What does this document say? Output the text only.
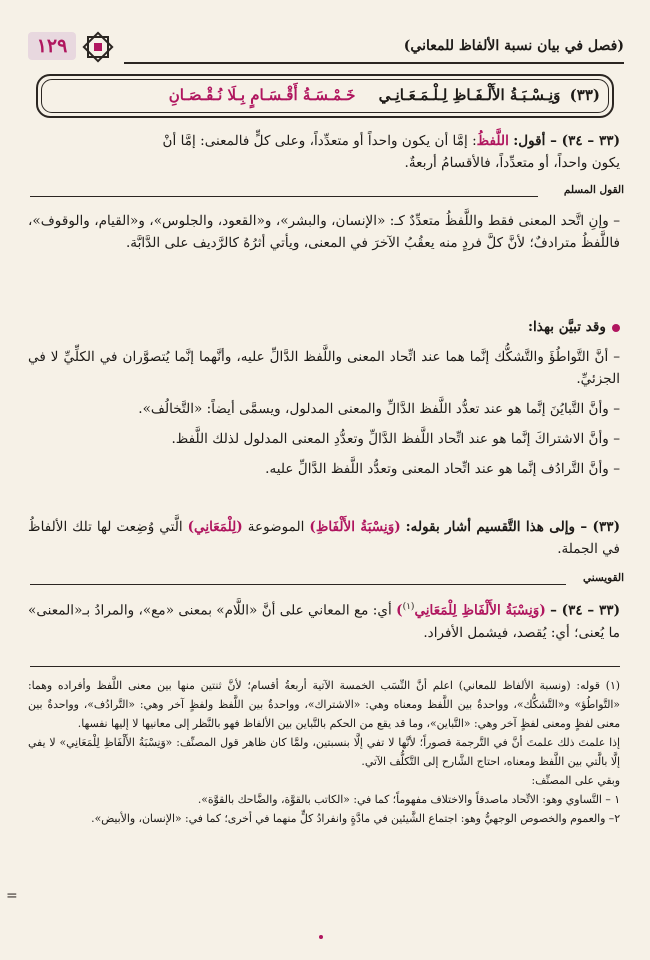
(فصل في بيان نسبة الألفاظ للمعاني)
١٢٩
(٣٣) وَنِـسْـبَـةُ الأَلْـفَـاظِ لِـلْـمَـعَـانِـي خَـمْـسَـةُ أَقْـسَـامٍ بِـلَا نُـقْـصَـانِ

(٣٣ – ٣٤) – أقول: اللَّفظُ: إمَّا أن يكون واحداً أو متعدِّداً، وعلى كلٍّ فالمعنى: إمَّا أنْ

يكون واحداً، أو متعدِّداً، فالأقسامُ أربعةٌ.

القول المسلم

– وإنِ اتَّحد المعنى فقط واللَّفظُ متعدِّدٌ كـ: «الإنسان، والبشر»، و«القعود، والجلوس»، و«القيام، والوقوف»، فاللَّفظُ مترادفٌ؛ لأنَّ كلَّ فردٍ منه يعقُبُ الآخرَ في المعنى، ويأتي أثرُهُ كالرَّديف على الدَّابَّة.

وقد تبيَّن بهذا:

– أنَّ التَّواطُؤَ والتَّشكُّك إنَّما هما عند اتِّحاد المعنى واللَّفظ الدَّالِّ عليه، وأنَّهما إنَّما يُتصوَّران في الكلِّيِّ لا في الجزئيِّ.

– وأنَّ التَّبايُنَ إنَّما هو عند تعدُّد اللَّفظ الدَّالِّ والمعنى المدلول، ويسمَّى أيضاً: «التَّخالُف».

– وأنَّ الاشتراكَ إنَّما هو عند اتِّحاد اللَّفظ الدَّالِّ وتعدُّدِ المعنى المدلول لذلك اللَّفظ.

– وأنَّ التَّرادُف إنَّما هو عند اتِّحاد المعنى وتعدُّد اللَّفظ الدَّالِّ عليه.

(٣٣) – وإلى هذا التَّقسيم أشار بقوله: (وَنِسْبَةُ الأَلْفَاظِ) الموضوعة (لِلْمَعَانِي) الَّتي وُضِعت لها تلك الألفاظُ في الجملة.

القويسني

(٣٣ – ٣٤) – (وَنِسْبَةُ الأَلْفَاظِ لِلْمَعَانِي$^{(١)}$) أي: مع المعاني على أنَّ «اللَّام» بمعنى «مع»، والمرادُ بـ«المعنى» ما يُعنى؛ أي: يُقصد، فيشمل الأفراد.

(١) قوله: (ونسبة الألفاظ للمعاني) اعلم أنَّ النِّسَب الخمسة الآتية أربعةُ أقسام؛ لأنَّ ثنتين منها بين معنى اللَّفظ وأفراده وهما: «التَّواطُؤ» و«التَّشكُّك»، وواحدةٌ بين اللَّفظ ومعناه وهي: «الاشتراك»، وواحدةٌ بين اللَّفظ ولفظٍ آخر وهي: «التَّرادُف»، وواحدةٌ بين معنى لفظٍ ومعنى لفظٍ آخر وهي: «التَّباين»، وما قد يقع من الحكم بالتَّباين بين الألفاظ فهو بالنَّظر إلى معانيها لا إليها نفسها.

إذا علمتَ ذلك علمتَ أنَّ في التَّرجمة قصوراً؛ لأنَّها لا تفي إلَّا بنسبتين، ولمَّا كان ظاهر قول المصنِّف: «وَنِسْبَةُ الأَلْفَاظِ لِلْمَعَانِي» لا يفي إلَّا بالَّتي بين اللَّفظ ومعناه، احتاج الشَّارح إلى التَّكلُّف الآتي.

وبقي على المصنِّف:

١ – التَّساوي وهو: الاتِّحاد ماصدقاً والاختلاف مفهوماً؛ كما في: «الكاتب بالقوَّة، والضَّاحك بالقوَّة».

٢– والعموم والخصوص الوجهيُّ وهو: اجتماع الشَّيئين في مادَّةٍ وانفرادُ كلٍّ منهما في أخرى؛ كما في: «الإنسان، والأبيض».

=
